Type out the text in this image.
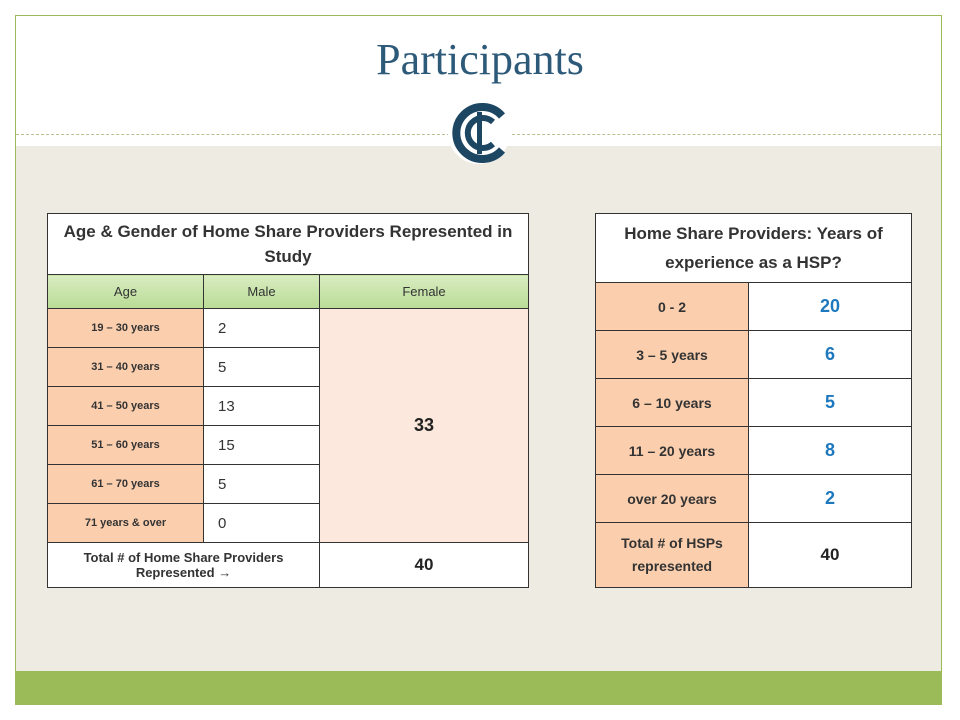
Participants
Age & Gender of Home Share Providers Represented in Study		
Age	Male	Female
19 – 30 years	2	33
31 – 40 years	5	
41 – 50 years	13	
51 – 60 years	15	
61 – 70 years	5	
71 years & over	0	
Total # of Home Share Providers Represented →		40
Home Share Providers: Years of experience as a HSP?	
0 - 2	20
3 – 5 years	6
6 – 10 years	5
11 – 20 years	8
over 20 years	2
Total # of HSPs represented	40
